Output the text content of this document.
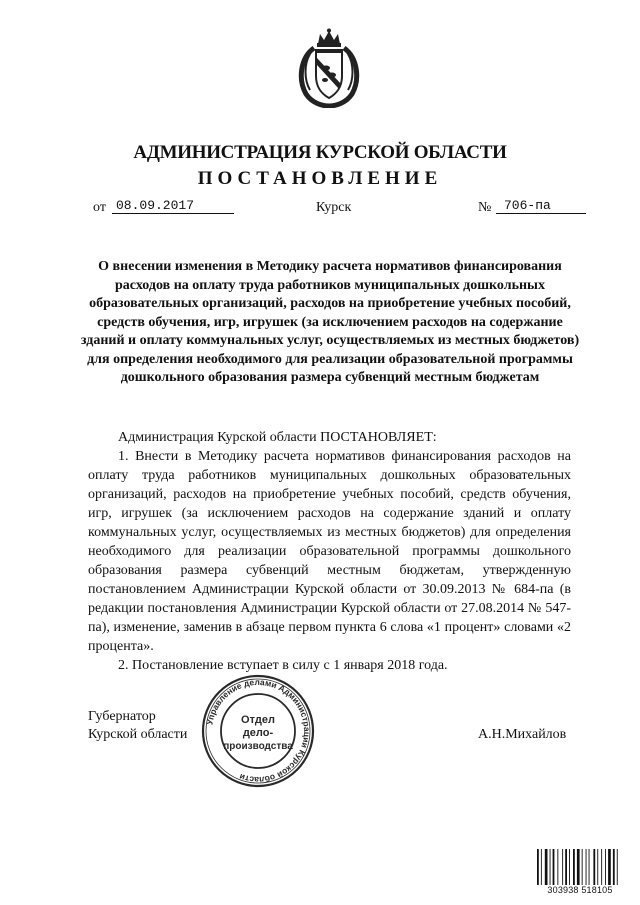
АДМИНИСТРАЦИЯ КУРСКОЙ ОБЛАСТИ
ПОСТАНОВЛЕНИЕ
от 08.09.2017	Курск	№ 706-па
О внесении изменения в Методику расчета нормативов финансирования расходов на оплату труда работников муниципальных дошкольных образовательных организаций, расходов на приобретение учебных пособий, средств обучения, игр, игрушек (за исключением расходов на содержание зданий и оплату коммунальных услуг, осуществляемых из местных бюджетов) для определения необходимого для реализации образовательной программы дошкольного образования размера субвенций местным бюджетам

Администрация Курской области ПОСТАНОВЛЯЕТ:

1. Внести в Методику расчета нормативов финансирования расходов на оплату труда работников муниципальных дошкольных образовательных организаций, расходов на приобретение учебных пособий, средств обучения, игр, игрушек (за исключением расходов на содержание зданий и оплату коммунальных услуг, осуществляемых из местных бюджетов) для определения необходимого для реализации образовательной программы дошкольного образования размера субвенций местным бюджетам, утвержденную постановлением Администрации Курской области от 30.09.2013 № 684-па (в редакции постановления Администрации Курской области от 27.08.2014 № 547-па), изменение, заменив в абзаце первом пункта 6 слова «1 процент» словами «2 процента».

2. Постановление вступает в силу с 1 января 2018 года.

Губернатор
Курской области	А.Н.Михайлов
Управление делами Администрации Курской области
Отдел
дело-
производства
303938 518105
